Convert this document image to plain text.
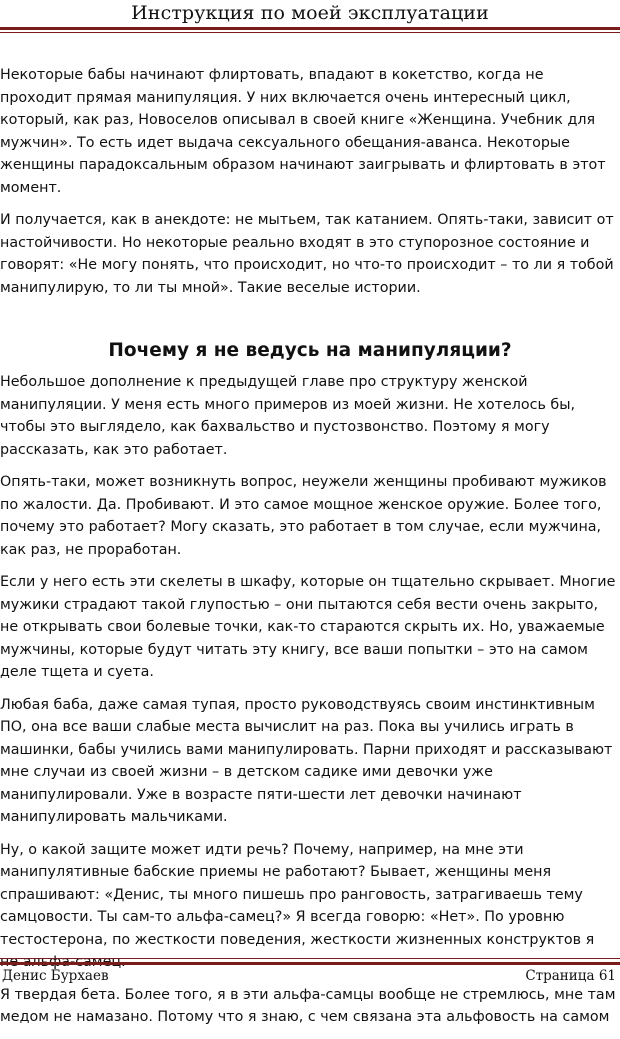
Инструкция по моей эксплуатации

Некоторые бабы начинают флиртовать, впадают в кокетство, когда не проходит прямая манипуляция. У них включается очень интересный цикл, который, как раз, Новоселов описывал в своей книге «Женщина. Учебник для мужчин». То есть идет выдача сексуального обещания-аванса. Некоторые женщины парадоксальным образом начинают заигрывать и флиртовать в этот момент.

И получается, как в анекдоте: не мытьем, так катанием. Опять-таки, зависит от настойчивости. Но некоторые реально входят в это ступорозное состояние и говорят: «Не могу понять, что происходит, но что-то происходит – то ли я тобой манипулирую, то ли ты мной». Такие веселые истории.

Почему я не ведусь на манипуляции?

Небольшое дополнение к предыдущей главе про структуру женской манипуляции. У меня есть много примеров из моей жизни. Не хотелось бы, чтобы это выглядело, как бахвальство и пустозвонство. Поэтому я могу рассказать, как это работает.

Опять-таки, может возникнуть вопрос, неужели женщины пробивают мужиков по жалости. Да. Пробивают. И это самое мощное женское оружие. Более того, почему это работает? Могу сказать, это работает в том случае, если мужчина, как раз, не проработан.

Если у него есть эти скелеты в шкафу, которые он тщательно скрывает. Многие мужики страдают такой глупостью – они пытаются себя вести очень закрыто, не открывать свои болевые точки, как-то стараются скрыть их. Но, уважаемые мужчины, которые будут читать эту книгу, все ваши попытки – это на самом деле тщета и суета.

Любая баба, даже самая тупая, просто руководствуясь своим инстинктивным ПО, она все ваши слабые места вычислит на раз. Пока вы учились играть в машинки, бабы учились вами манипулировать. Парни приходят и рассказывают мне случаи из своей жизни – в детском садике ими девочки уже манипулировали. Уже в возрасте пяти-шести лет девочки начинают манипулировать мальчиками.

Ну, о какой защите может идти речь? Почему, например, на мне эти манипулятивные бабские приемы не работают? Бывает, женщины меня спрашивают: «Денис, ты много пишешь про ранговость, затрагиваешь тему самцовости. Ты сам-то альфа-самец?» Я всегда говорю: «Нет». По уровню тестостерона, по жесткости поведения, жесткости жизненных конструктов я

Я твердая бета. Более того, я в эти альфа-самцы вообще не стремлюсь, мне там медом не намазано. Потому что я знаю, с чем связана эта альфовость на самом

Денис Бурхаев	Страница 61
